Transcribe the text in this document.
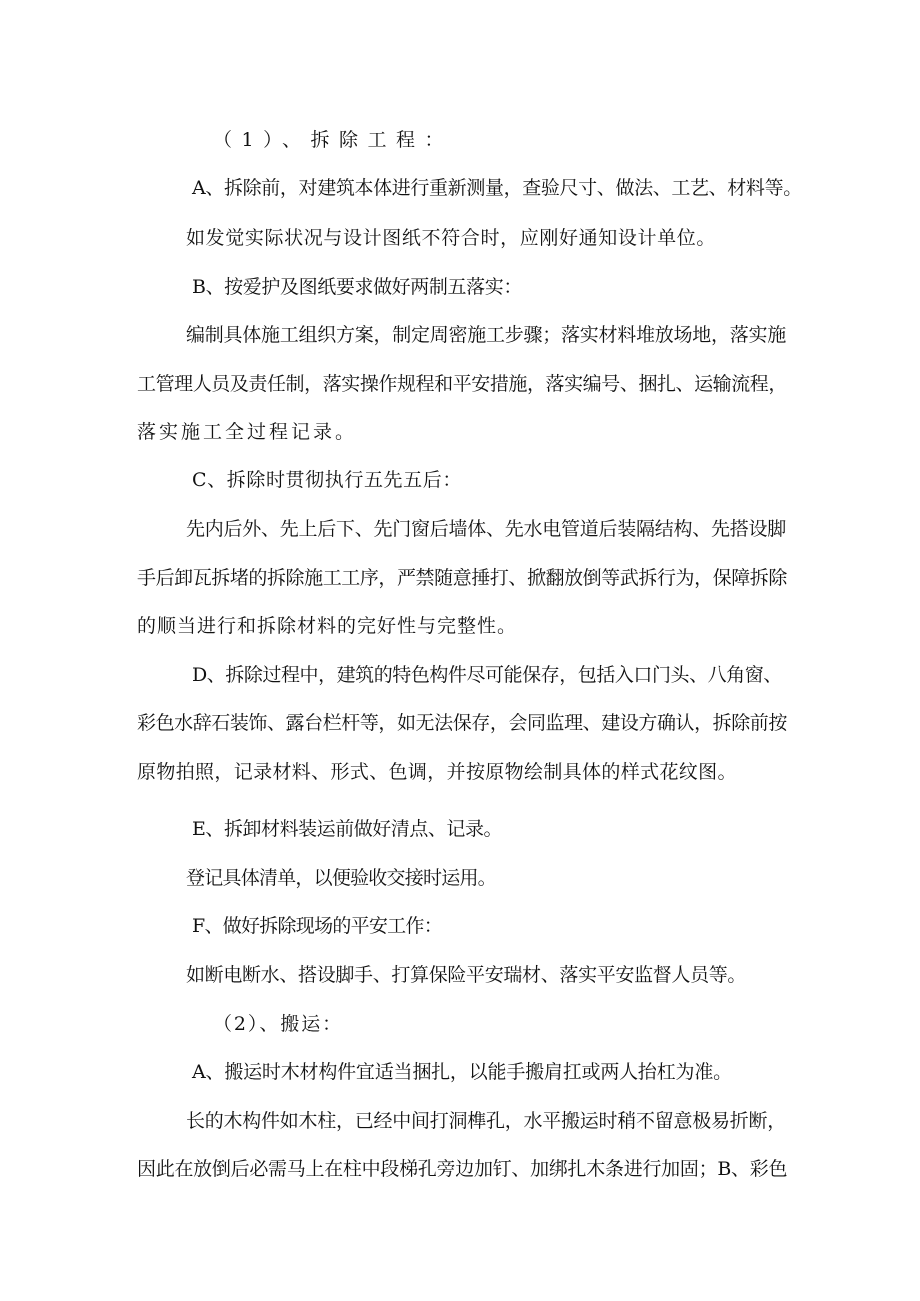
（1）、拆除工程：

A、拆除前，对建筑本体进行重新测量，查验尺寸、做法、工艺、材料等。

如发觉实际状况与设计图纸不符合时，应刚好通知设计单位。

B、按爱护及图纸要求做好两制五落实：

编制具体施工组织方案，制定周密施工步骤；落实材料堆放场地，落实施

工管理人员及责任制，落实操作规程和平安措施，落实编号、捆扎、运输流程，

落实施工全过程记录。

C、拆除时贯彻执行五先五后：

先内后外、先上后下、先门窗后墙体、先水电管道后装隔结构、先搭设脚

手后卸瓦拆堵的拆除施工工序，严禁随意捶打、掀翻放倒等武拆行为，保障拆除

的顺当进行和拆除材料的完好性与完整性。

D、拆除过程中，建筑的特色构件尽可能保存，包括入口门头、八角窗、

彩色水辞石装饰、露台栏杆等，如无法保存，会同监理、建设方确认，拆除前按

原物拍照，记录材料、形式、色调，并按原物绘制具体的样式花纹图。

E、拆卸材料装运前做好清点、记录。

登记具体清单，以便验收交接时运用。

F、做好拆除现场的平安工作：

如断电断水、搭设脚手、打算保险平安瑞材、落实平安监督人员等。

（2）、搬运：

A、搬运时木材构件宜适当捆扎，以能手搬肩扛或两人抬杠为准。

长的木构件如木柱，已经中间打洞榫孔，水平搬运时稍不留意极易折断，

因此在放倒后必需马上在柱中段梯孔旁边加钉、加绑扎木条进行加固；B、彩色
